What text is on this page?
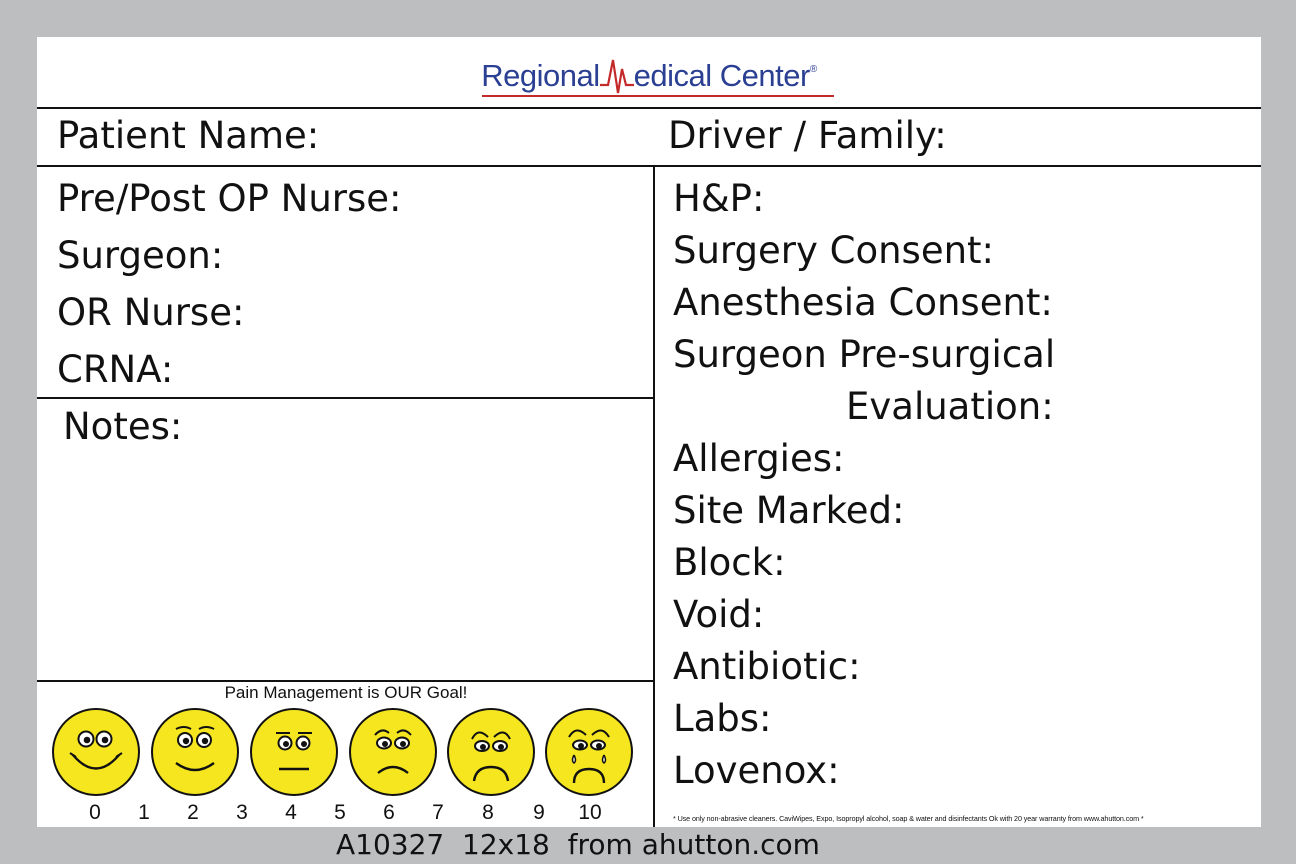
Regional edical Center®
Patient Name:	Driver / Family:
Pre/Post OP Nurse:
Surgeon:
OR Nurse:
CRNA:
Notes:
H&P:
Surgery Consent:
Anesthesia Consent:
Surgeon Pre-surgical
Evaluation:
Allergies:
Site Marked:
Block:
Void:
Antibiotic:
Labs:
Lovenox:
Pain Management is OUR Goal!
0	1	2	3	4	5	6	7	8	9	10	* Use only non-abrasive cleaners. CaviWipes, Expo, Isopropyl alcohol, soap & water and disinfectants Ok with 20 year warranty from www.ahutton.com *
A10327  12x18  from ahutton.com
